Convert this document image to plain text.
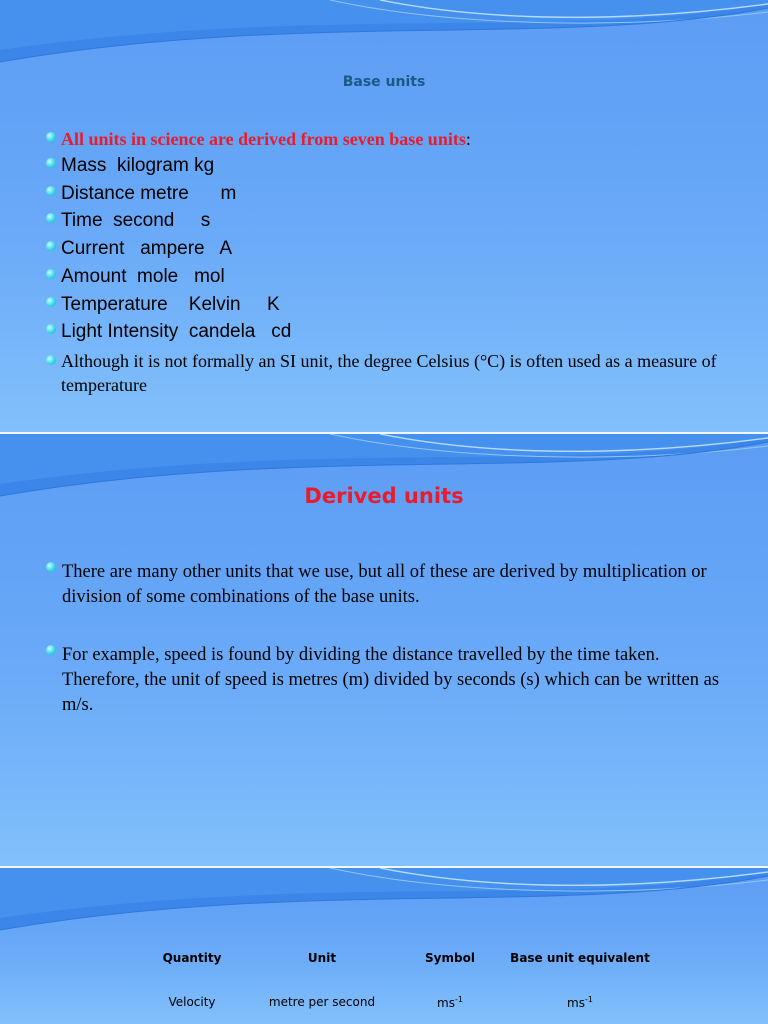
Base units
All units in science are derived from seven base units:
Mass kilogram kg
Distance metre m
Time second s
Current ampere A
Amount mole mol
Temperature Kelvin K
Light Intensity candela cd
Although it is not formally an SI unit, the degree Celsius (°C) is often used as a measure of temperature
Derived units
There are many other units that we use, but all of these are derived by multiplication or division of some combinations of the base units.
For example, speed is found by dividing the distance travelled by the time taken. Therefore, the unit of speed is metres (m) divided by seconds (s) which can be written as m/s.
Quantity	Unit	Symbol	Base unit equivalent
Velocity	metre per second	$ms^{-1}$	$ms^{-1}$
